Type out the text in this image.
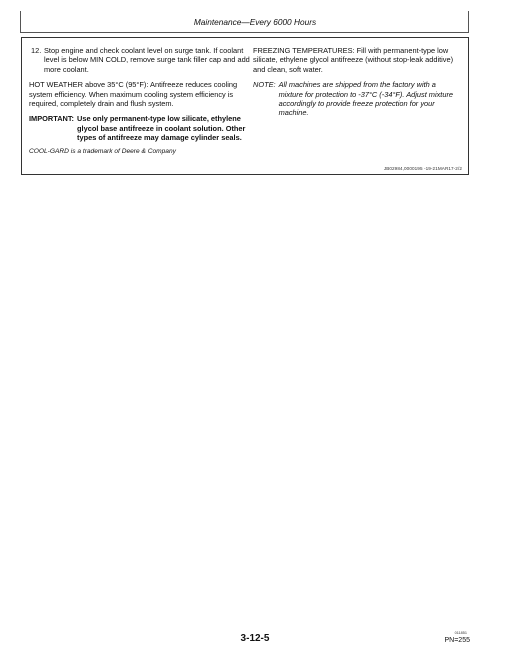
Maintenance—Every 6000 Hours
12. Stop engine and check coolant level on surge tank. If coolant level is below MIN COLD, remove surge tank filler cap and add more coolant.

HOT WEATHER above 35°C (95°F): Antifreeze reduces cooling system efficiency. When maximum cooling system efficiency is required, completely drain and flush system.

IMPORTANT: Use only permanent-type low silicate, ethylene glycol base antifreeze in coolant solution. Other types of antifreeze may damage cylinder seals.
COOL-GARD is a trademark of Deere & Company

FREEZING TEMPERATURES: Fill with permanent-type low silicate, ethylene glycol antifreeze (without stop-leak additive) and clean, soft water.

NOTE: All machines are shipped from the factory with a mixture for protection to -37°C (-34°F). Adjust mixture accordingly to provide freeze protection for your machine.
JB02984,0000195 -19-21MAR17-2/2
3-12-5	011851
PN=255
